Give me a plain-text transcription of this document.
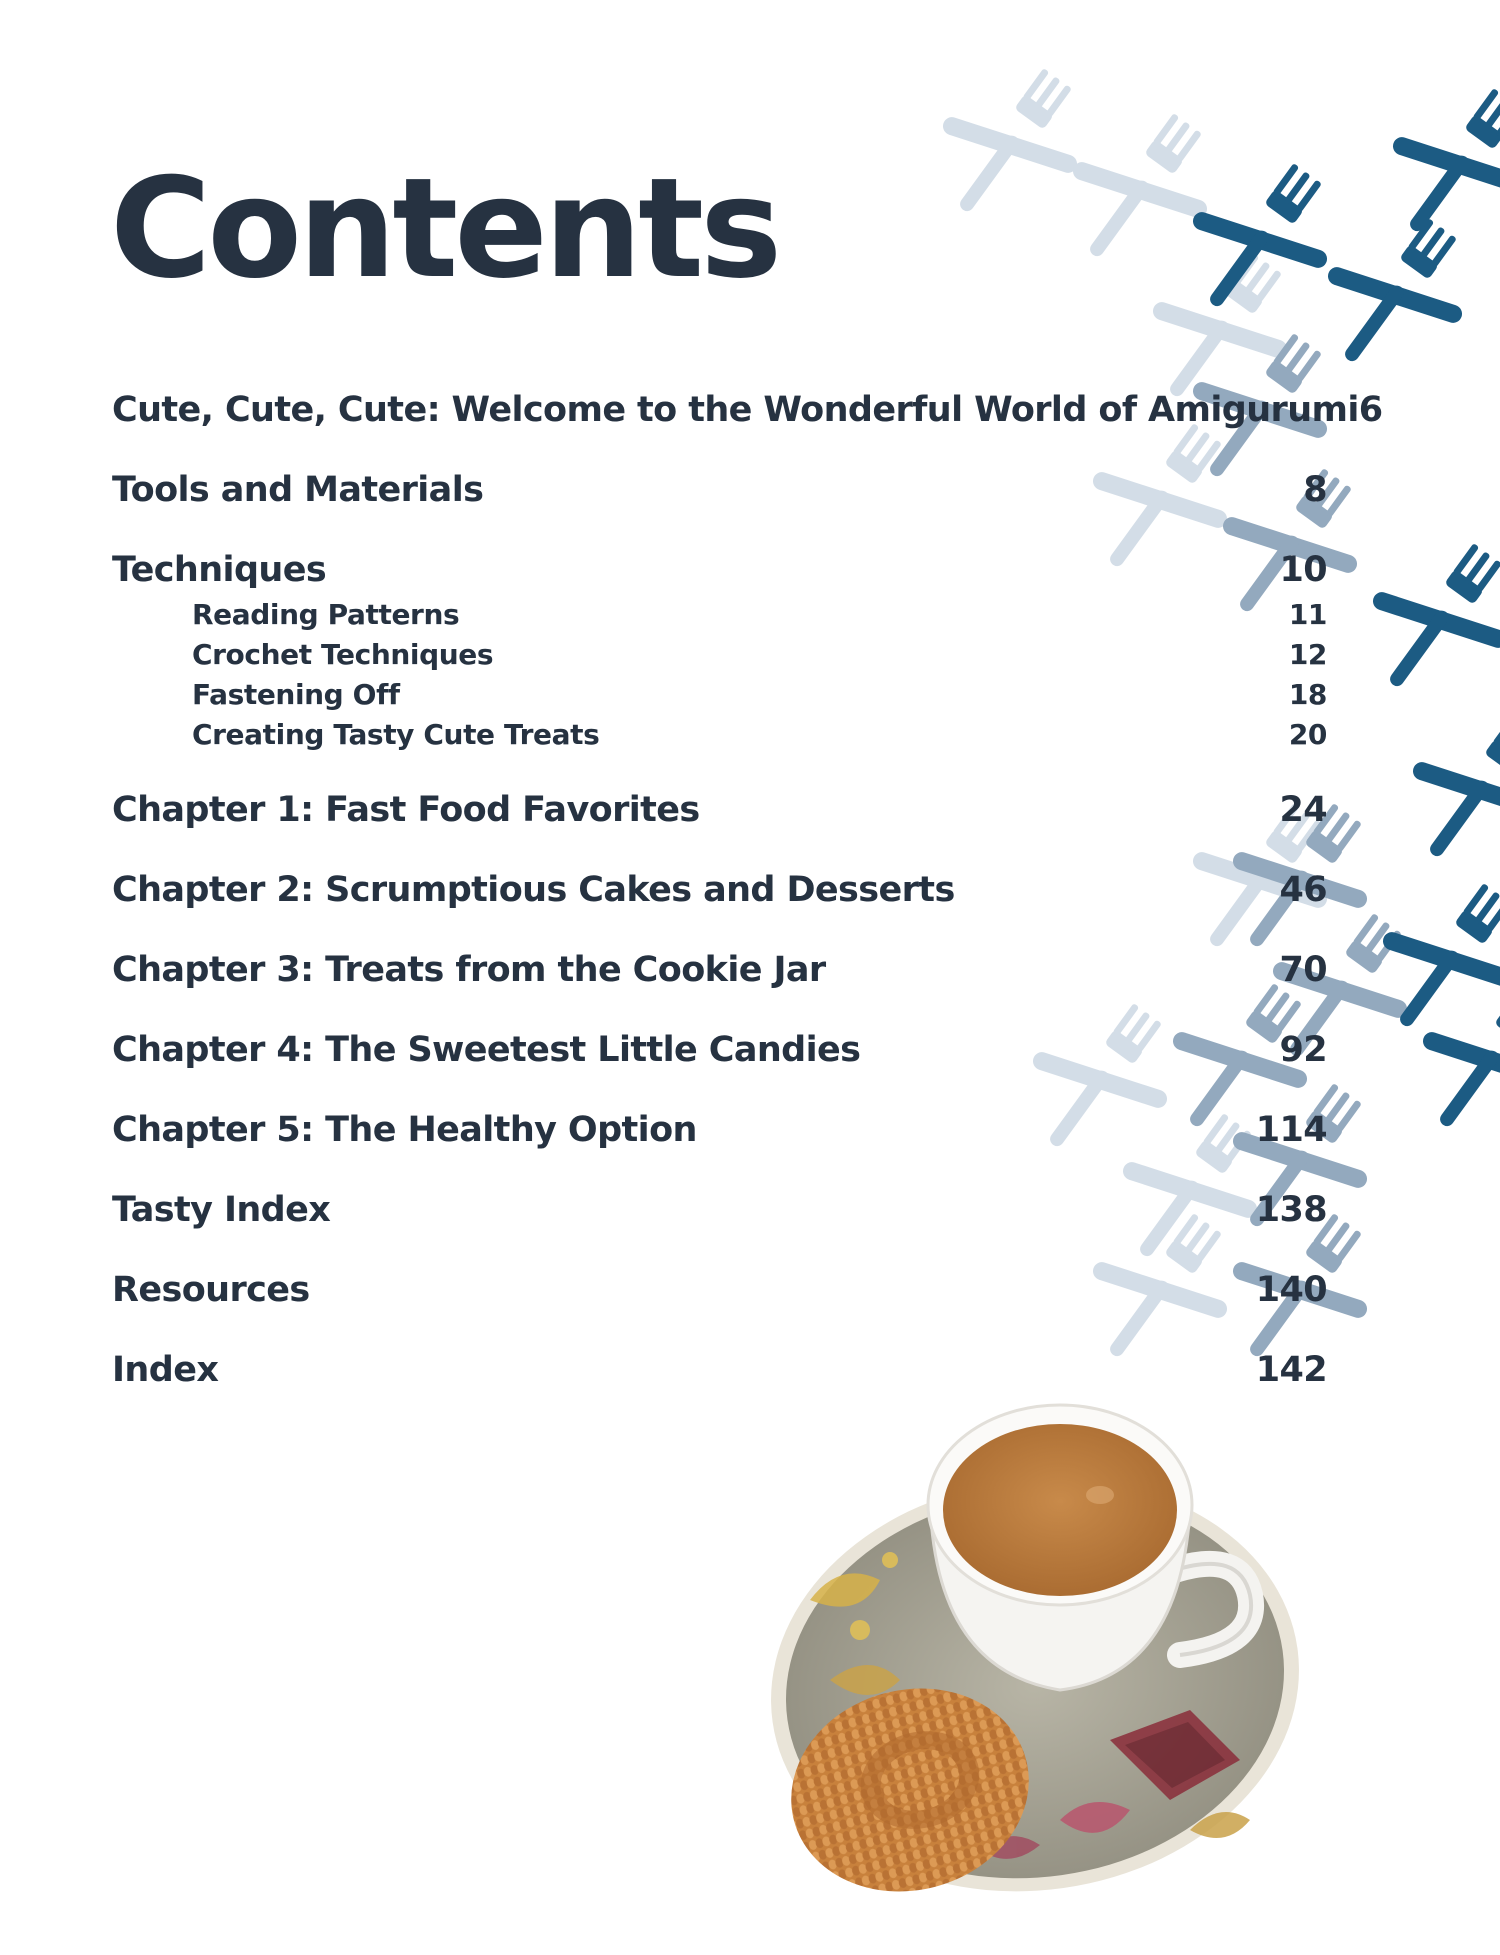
Contents
Cute, Cute, Cute: Welcome to the Wonderful World of Amigurumi 6
Tools and Materials	8
Techniques	10
Reading Patterns	11
Crochet Techniques	12
Fastening Off	18
Creating Tasty Cute Treats	20
Chapter 1: Fast Food Favorites	24
Chapter 2: Scrumptious Cakes and Desserts	46
Chapter 3: Treats from the Cookie Jar	70
Chapter 4: The Sweetest Little Candies	92
Chapter 5: The Healthy Option	114
Tasty Index	138
Resources	140
Index	142
